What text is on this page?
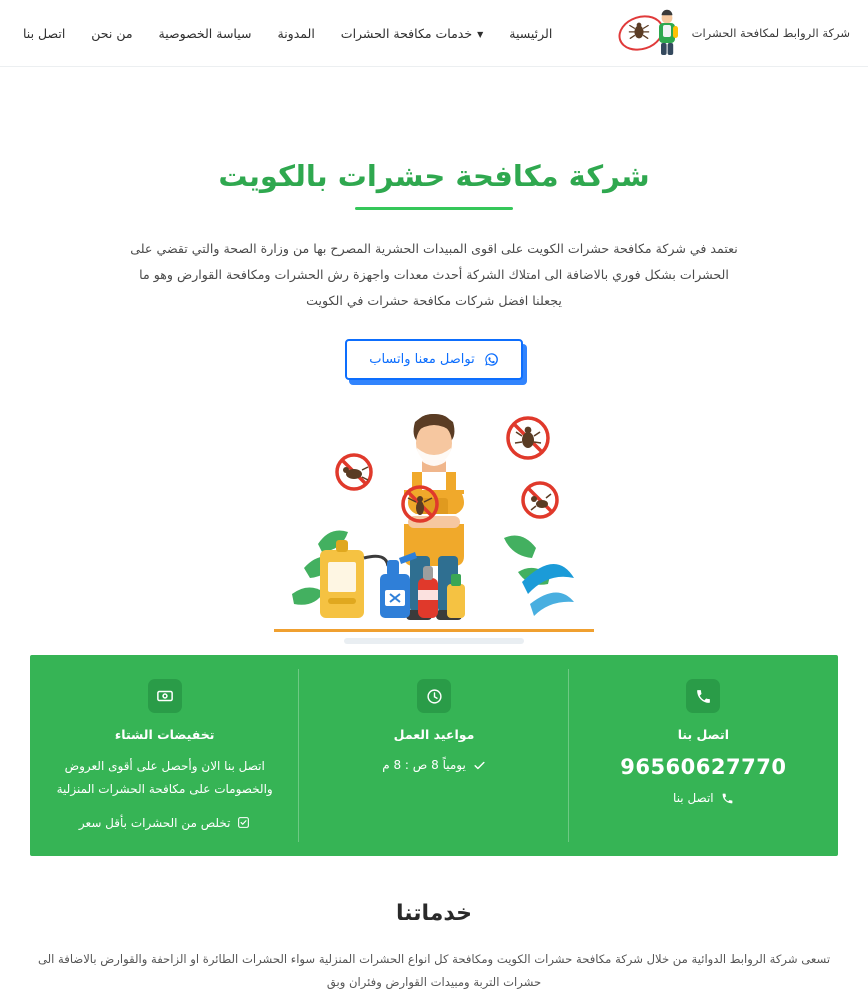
شركة الروابط لمكافحة الحشرات
الرئيسية
▼
خدمات مكافحة الحشرات
المدونة
سياسة الخصوصية
من نحن
اتصل بنا
شركة مكافحة حشرات بالكويت

نعتمد في شركة مكافحة حشرات الكويت على اقوى المبيدات الحشرية المصرح بها من وزارة الصحة والتي تقضي على الحشرات بشكل فوري بالاضافة الى امتلاك الشركة أحدث معدات واجهزة رش الحشرات ومكافحة القوارض وهو ما يجعلنا افضل شركات مكافحة حشرات في الكويت

تواصل معنا واتساب
اتصل بنا
96560627770
اتصل بنا
مواعيد العمل
يومياً 8 ص : 8 م
تخفيضات الشتاء
اتصل بنا الان وأحصل على أقوى العروض والخصومات على مكافحة الحشرات المنزلية
تخلص من الحشرات بأقل سعر
خدماتنا

تسعى شركة الروابط الدوائية من خلال شركة مكافحة حشرات الكويت ومكافحة كل انواع الحشرات المنزلية سواء الحشرات الطائرة او الزاحفة والقوارض بالاضافة الى حشرات التربة ومبيدات القوارض وفئران وبق
